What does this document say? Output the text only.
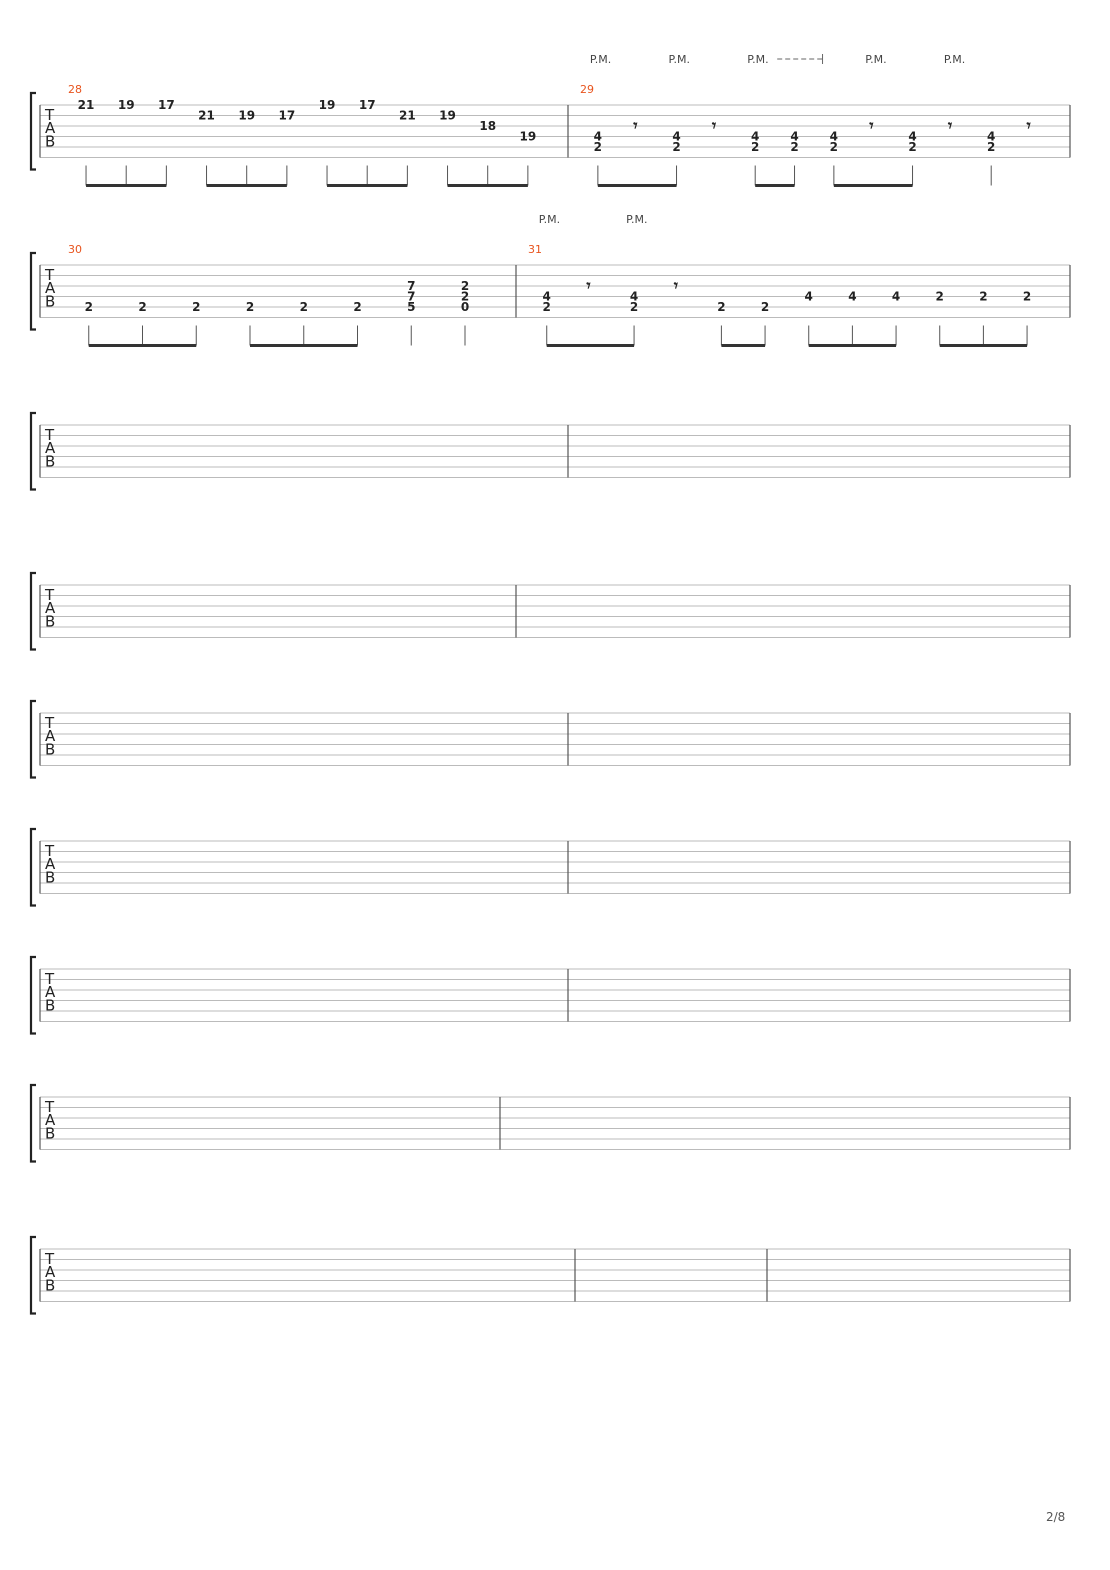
T
A
B
28
21 19 17
21 19 17
19 17
21 19
18
19
29
4
2
𝄾
4
2
𝄾
4
2
4
2
4
2
𝄾
4
2
𝄾
4
2
𝄾
P.M.	P.M.	P.M.	P.M.	P.M.
T
A
B
30
2	2	2	2	2	2
7
7
5
2
2
0
31
4
2
𝄾
4
2
𝄾
2	2
4	4	4	2	2	2
P.M.	P.M.
T
A
B
T
A
B
T
A
B
T
A
B
T
A
B
T
A
B
T
A
B
2/8
